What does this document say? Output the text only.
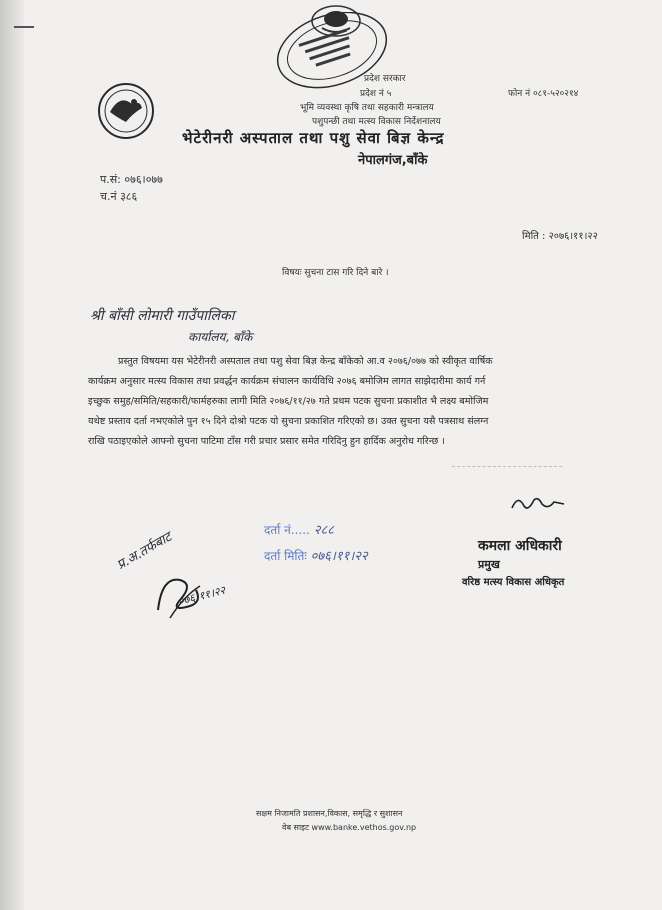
प्रदेश सरकार
प्रदेश नं ५	फोन नं ०८१-५२०२१४
भूमि व्यवस्था कृषि तथा सहकारी मन्त्रालय
पशुपन्छी तथा मत्स्य विकास निर्देशनालय
भेटेरीनरी अस्पताल तथा पशु सेवा बिज्ञ केन्द्र
नेपालगंज,बाँके
प.सं: ०७६।०७७
च.नं ३८६
मिति : २०७६।११।२२
विषयः सुचना टास गरि दिने बारे ।
श्री बाँसी लोमारी गाउँपालिका
कार्यालय, बाँके
प्रस्तुत विषयमा यस भेटेरीनरी अस्पताल तथा पशु सेवा बिज्ञ केन्द्र बाँकेको आ.व २०७६/०७७ को स्वीकृत वार्षिक
कार्यक्रम अनुसार मत्स्य विकास तथा प्रवर्द्धन कार्यक्रम संचालन कार्यविधि २०७६ बमोजिम लागत साझेदारीमा कार्य गर्न
इच्छुक समुह/समिति/सहकारी/फार्महरुका लागी मिति २०७६/११/२७ गते प्रथम पटक सुचना प्रकाशीत भै लक्ष्य बमोजिम
यथेष्ट प्रस्ताव दर्ता नभएकोले पुन १५ दिने दोश्रो पटक यो सुचना प्रकाशित गरिएको छ। उक्त सुचना यसै पत्रसाथ संलग्न
राखि पठाइएकोले आफ्नो सुचना पाटिमा टाँस गरी प्रचार प्रसार समेत गरिदिनु हुन हार्दिक अनुरोध गरिन्छ ।
दर्ता नं..... २८८
दर्ता मितिः ०७६।११।२२
कमला अधिकारी
प्रमुख
वरिष्ठ मत्स्य विकास अधिकृत
प्र.अ.तर्फबाट
०७६।११।२२
सक्षम निजामति प्रशासन,विकास, समृद्धि र सुशासन
वेब साइट www.banke.vethos.gov.np
